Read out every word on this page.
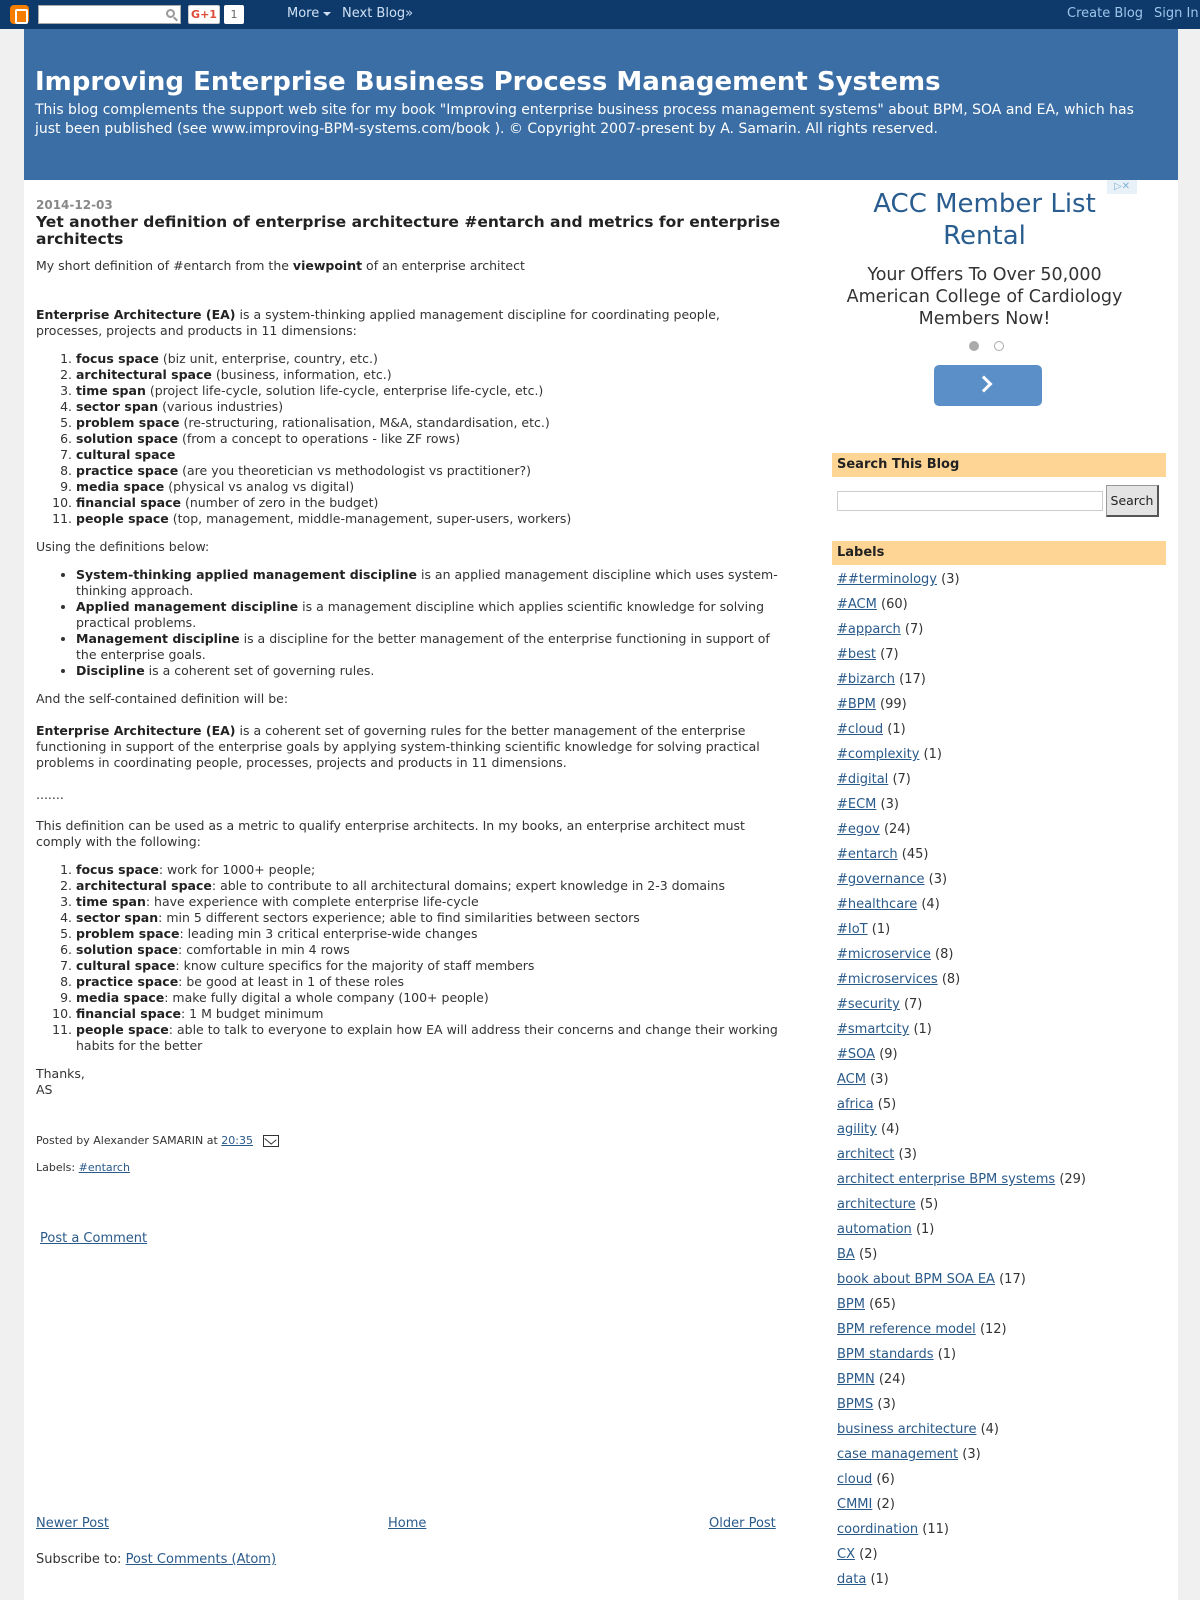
G+1	1	More	Next Blog»	Create Blog Sign In
Improving Enterprise Business Process Management Systems
This blog complements the support web site for my book "Improving enterprise business process management systems" about BPM, SOA and EA, which has just been published (see www.improving-BPM-systems.com/book ). © Copyright 2007-present by A. Samarin. All rights reserved.
2014-12-03
Yet another definition of enterprise architecture #entarch and metrics for enterprise architects

My short definition of #entarch from the viewpoint of an enterprise architect

Enterprise Architecture (EA) is a system-thinking applied management discipline for coordinating people, processes, projects and products in 11 dimensions:

1. focus space (biz unit, enterprise, country, etc.)
2. architectural space (business, information, etc.)
3. time span (project life-cycle, solution life-cycle, enterprise life-cycle, etc.)
4. sector span (various industries)
5. problem space (re-structuring, rationalisation, M&A, standardisation, etc.)
6. solution space (from a concept to operations - like ZF rows)
7. cultural space
8. practice space (are you theoretician vs methodologist vs practitioner?)
9. media space (physical vs analog vs digital)
10. financial space (number of zero in the budget)
11. people space (top, management, middle-management, super-users, workers)

Using the definitions below:

• System-thinking applied management discipline is an applied management discipline which uses system-thinking approach.
• Applied management discipline is a management discipline which applies scientific knowledge for solving practical problems.
• Management discipline is a discipline for the better management of the enterprise functioning in support of the enterprise goals.
• Discipline is a coherent set of governing rules.

And the self-contained definition will be:

Enterprise Architecture (EA) is a coherent set of governing rules for the better management of the enterprise functioning in support of the enterprise goals by applying system-thinking scientific knowledge for solving practical problems in coordinating people, processes, projects and products in 11 dimensions.

.......

This definition can be used as a metric to qualify enterprise architects. In my books, an enterprise architect must comply with the following:

1. focus space: work for 1000+ people;
2. architectural space: able to contribute to all architectural domains; expert knowledge in 2-3 domains
3. time span: have experience with complete enterprise life-cycle
4. sector span: min 5 different sectors experience; able to find similarities between sectors
5. problem space: leading min 3 critical enterprise-wide changes
6. solution space: comfortable in min 4 rows
7. cultural space: know culture specifics for the majority of staff members
8. practice space: be good at least in 1 of these roles
9. media space: make fully digital a whole company (100+ people)
10. financial space: 1 M budget minimum
11. people space: able to talk to everyone to explain how EA will address their concerns and change their working habits for the better

Thanks,

AS

Posted by Alexander SAMARIN at 20:35
Labels: #entarch
Post a Comment
Newer Post	Home	Older Post
Subscribe to: Post Comments (Atom)
▷✕
ACC Member List Rental
Your Offers To Over 50,000 American College of Cardiology Members Now!
Search This Blog
Search
Labels
##terminology (3)
#ACM (60)
#apparch (7)
#best (7)
#bizarch (17)
#BPM (99)
#cloud (1)
#complexity (1)
#digital (7)
#ECM (3)
#egov (24)
#entarch (45)
#governance (3)
#healthcare (4)
#IoT (1)
#microservice (8)
#microservices (8)
#security (7)
#smartcity (1)
#SOA (9)
ACM (3)
africa (5)
agility (4)
architect (3)
architect enterprise BPM systems (29)
architecture (5)
automation (1)
BA (5)
book about BPM SOA EA (17)
BPM (65)
BPM reference model (12)
BPM standards (1)
BPMN (24)
BPMS (3)
business architecture (4)
case management (3)
cloud (6)
CMMI (2)
coordination (11)
CX (2)
data (1)
